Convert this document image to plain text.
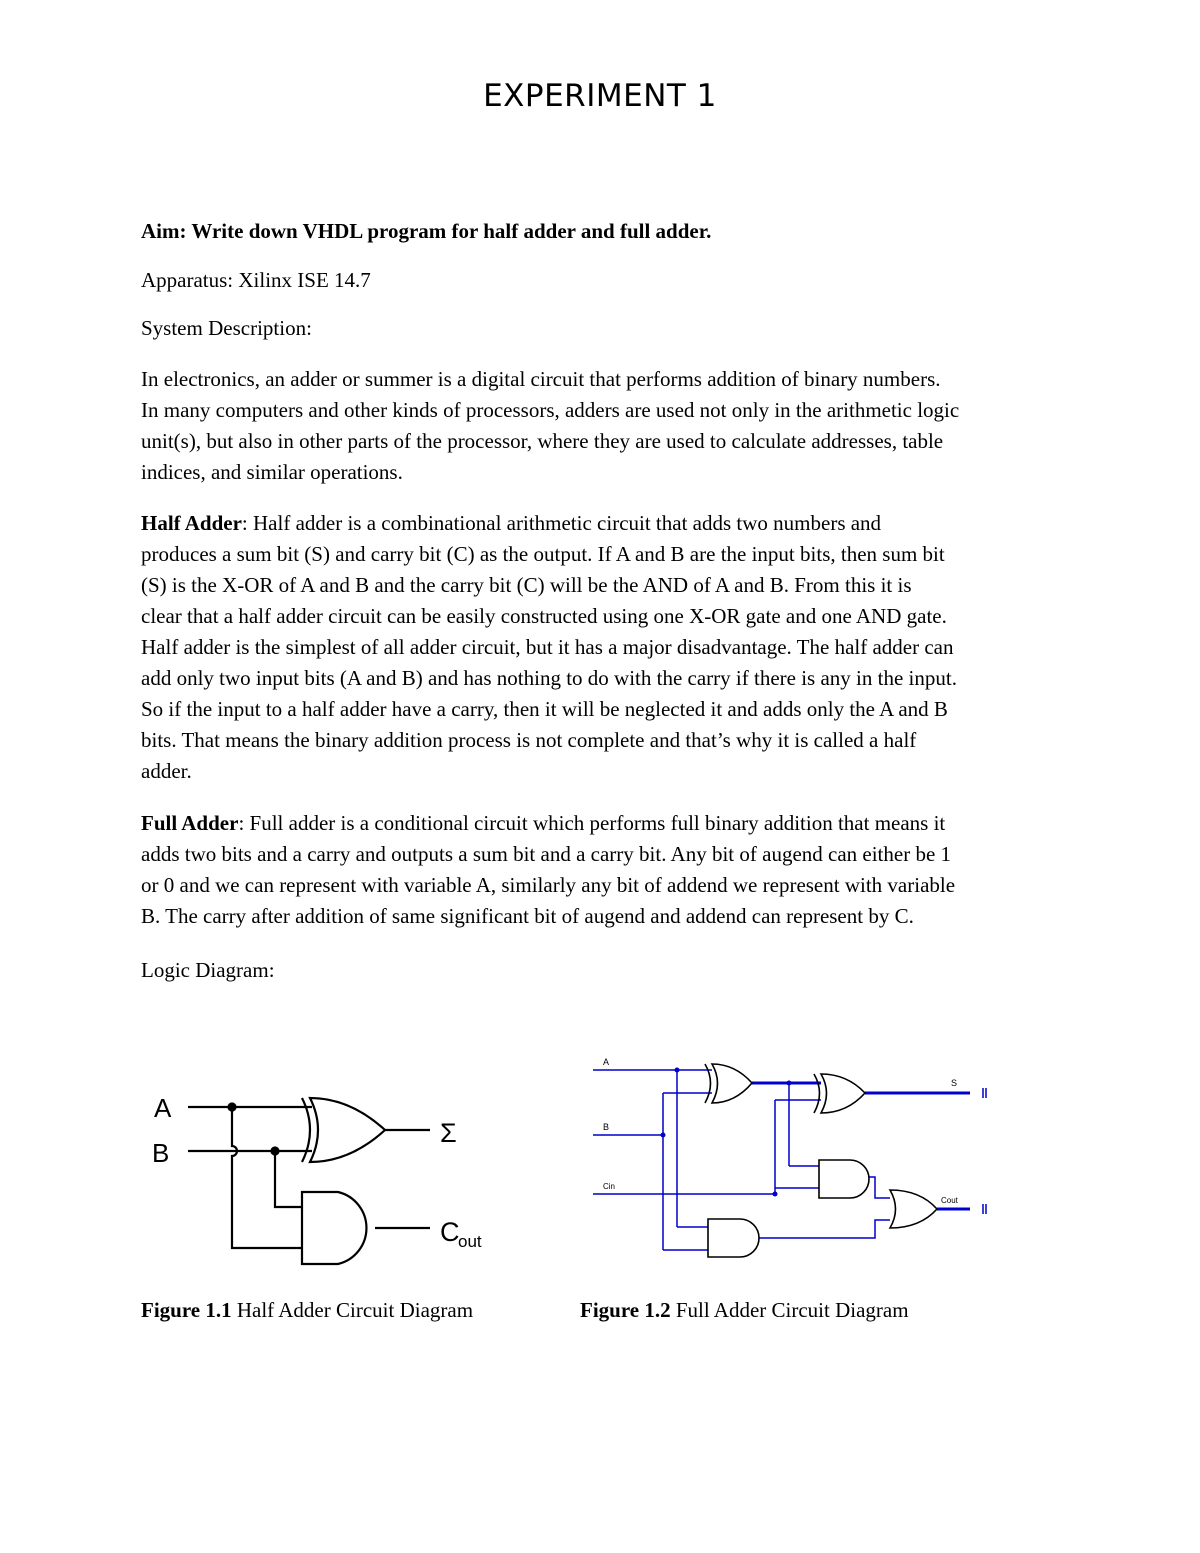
EXPERIMENT 1
Aim: Write down VHDL program for half adder and full adder.
Apparatus: Xilinx ISE 14.7
System Description:
In electronics, an adder or summer is a digital circuit that performs addition of binary numbers.
In many computers and other kinds of processors, adders are used not only in the arithmetic logic
unit(s), but also in other parts of the processor, where they are used to calculate addresses, table
indices, and similar operations.
Half Adder: Half adder is a combinational arithmetic circuit that adds two numbers and
produces a sum bit (S) and carry bit (C) as the output. If A and B are the input bits, then sum bit
(S) is the X-OR of A and B and the carry bit (C) will be the AND of A and B. From this it is
clear that a half adder circuit can be easily constructed using one X-OR gate and one AND gate.
Half adder is the simplest of all adder circuit, but it has a major disadvantage. The half adder can
add only two input bits (A and B) and has nothing to do with the carry if there is any in the input.
So if the input to a half adder have a carry, then it will be neglected it and adds only the A and B
bits. That means the binary addition process is not complete and that’s why it is called a half
adder.
Full Adder: Full adder is a conditional circuit which performs full binary addition that means it
adds two bits and a carry and outputs a sum bit and a carry bit. Any bit of augend can either be 1
or 0 and we can represent with variable A, similarly any bit of addend we represent with variable
B. The carry after addition of same significant bit of augend and addend can represent by C.
Logic Diagram:
A
B
Σ
C
out
A
B
Cin
S
Cout
Figure 1.1 Half Adder Circuit Diagram	Figure 1.2 Full Adder Circuit Diagram
